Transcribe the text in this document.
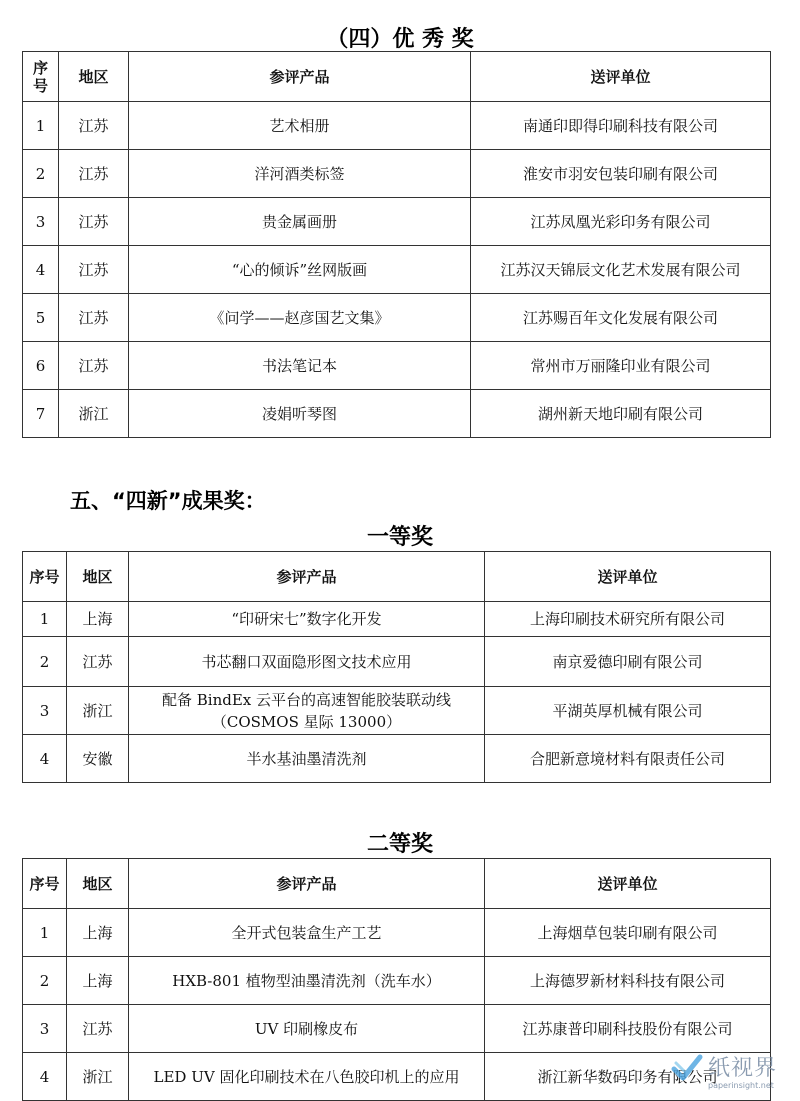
（四）优 秀 奖
序号	地区	参评产品	送评单位
1	江苏	艺术相册	南通印即得印刷科技有限公司
2	江苏	洋河酒类标签	淮安市羽安包装印刷有限公司
3	江苏	贵金属画册	江苏凤凰光彩印务有限公司
4	江苏	“心的倾诉”丝网版画	江苏汉天锦辰文化艺术发展有限公司
5	江苏	《问学——赵彦国艺文集》	江苏赐百年文化发展有限公司
6	江苏	书法笔记本	常州市万丽隆印业有限公司
7	浙江	凌娟听琴图	湖州新天地印刷有限公司
五、“四新”成果奖：
一等奖
序号	地区	参评产品	送评单位
1	上海	“印研宋七”数字化开发	上海印刷技术研究所有限公司
2	江苏	书芯翻口双面隐形图文技术应用	南京爱德印刷有限公司
3	浙江	配备 BindEx 云平台的高速智能胶装联动线
（COSMOS 星际 13000）	平湖英厚机械有限公司
4	安徽	半水基油墨清洗剂	合肥新意境材料有限责任公司
二等奖
序号	地区	参评产品	送评单位
1	上海	全开式包装盒生产工艺	上海烟草包装印刷有限公司
2	上海	HXB-801 植物型油墨清洗剂（洗车水）	上海德罗新材料科技有限公司
3	江苏	UV 印刷橡皮布	江苏康普印刷科技股份有限公司
4	浙江	LED UV 固化印刷技术在八色胶印机上的应用	浙江新华数码印务有限公司
纸视界
paperinsight.net
